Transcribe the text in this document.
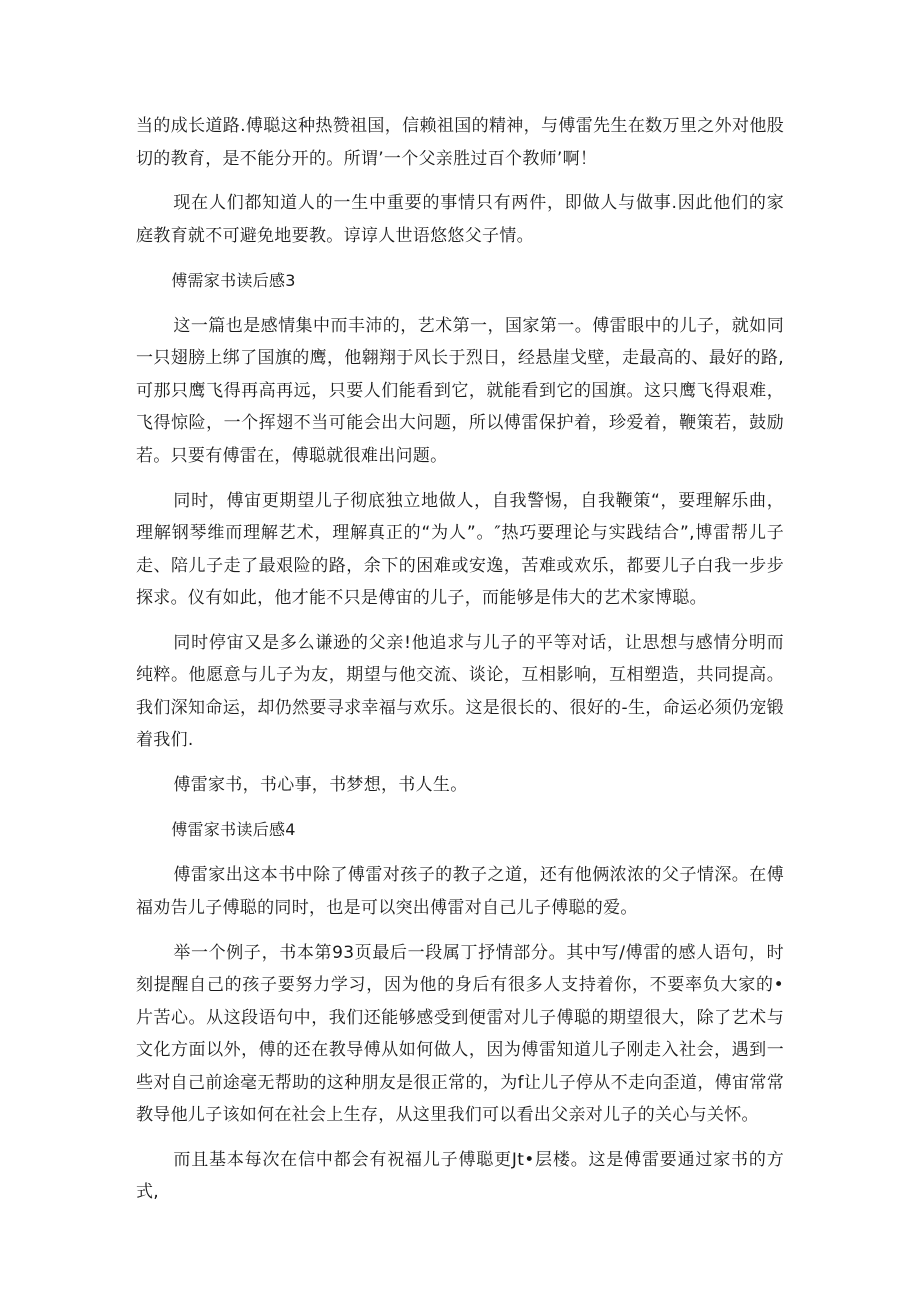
当的成长道路.傅聪这种热赞祖国，信赖祖国的精神，与傅雷先生在数万里之外对他股切的教育，是不能分开的。所谓’一个父亲胜过百个教师’啊！

现在人们都知道人的一生中重要的事情只有两件，即做人与做事.因此他们的家庭教育就不可避免地要教。谆谆人世语悠悠父子情。

傅需家书读后感3

这一篇也是感情集中而丰沛的，艺术第一，国家第一。傅雷眼中的儿子，就如同一只翅膀上绑了国旗的鹰，他翱翔于风长于烈日，经悬崖戈壁，走最高的、最好的路,可那只鹰飞得再高再远，只要人们能看到它，就能看到它的国旗。这只鹰飞得艰难，飞得惊险，一个挥翅不当可能会出大问题，所以傅雷保护着，珍爱着，鞭策若，鼓励若。只要有傅雷在，傅聪就很难出问题。

同时，傅宙更期望儿子彻底独立地做人，自我警惕，自我鞭策“，要理解乐曲，理解钢琴维而理解艺术，理解真正的“为人”。″热巧要理论与实践结合”,博雷帮儿子走、陪儿子走了最艰险的路，余下的困难或安逸，苦难或欢乐，都要儿子白我一步步探求。仪有如此，他才能不只是傅宙的儿子，而能够是伟大的艺术家博聪。

同时停宙又是多么谦逊的父亲!他追求与儿子的平等对话，让思想与感情分明而纯粹。他愿意与儿子为友，期望与他交流、谈论，互相影响，互相塑造，共同提高。我们深知命运，却仍然要寻求幸福与欢乐。这是很长的、很好的-生，命运必须仍宠锻着我们.

傅雷家书，书心事，书梦想，书人生。

傅雷家书读后感4

傅雷家出这本书中除了傅雷对孩子的教子之道，还有他俩浓浓的父子情深。在傅福劝告儿子傅聪的同时，也是可以突出傅雷对自己儿子傅聪的爱。

举一个例子，书本第93页最后一段属丁抒情部分。其中写/傅雷的感人语句，时刻提醒自己的孩子要努力学习，因为他的身后有很多人支持着你，不要率负大家的•片苦心。从这段语句中，我们还能够感受到便雷对儿子傅聪的期望很大，除了艺术与文化方面以外，傅的还在教导傅从如何做人，因为傅雷知道儿子刚走入社会，遇到一些对自己前途毫无帮助的这种朋友是很正常的，为f让儿子停从不走向歪道，傅宙常常教导他儿子该如何在社会上生存，从这里我们可以看出父亲对儿子的关心与关怀。

而且基本每次在信中都会有祝福儿子傅聪更Jt•层楼。这是傅雷要通过家书的方式,
